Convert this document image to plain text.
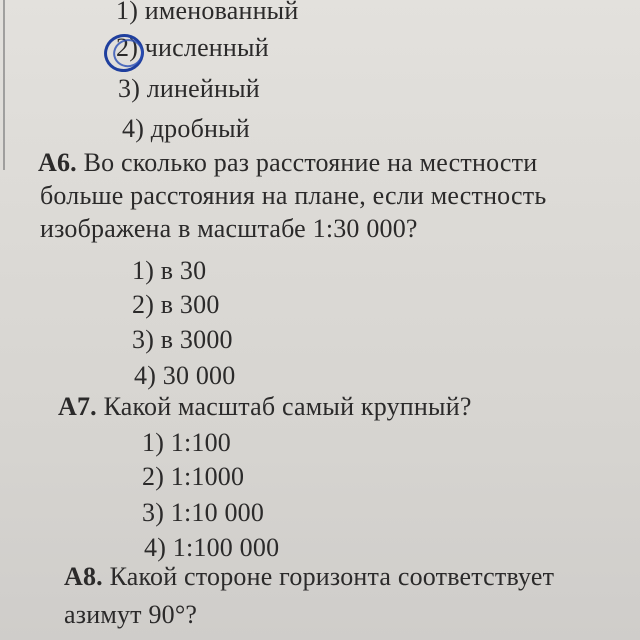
1) именованный
2) численный
3) линейный
4) дробный
А6. Во сколько раз расстояние на местности
больше расстояния на плане, если местность
изображена в масштабе 1:30 000?
1) в 30
2) в 300
3) в 3000
4) 30 000
А7. Какой масштаб самый крупный?
1) 1:100
2) 1:1000
3) 1:10 000
4) 1:100 000
А8. Какой стороне горизонта соответствует
азимут 90°?
